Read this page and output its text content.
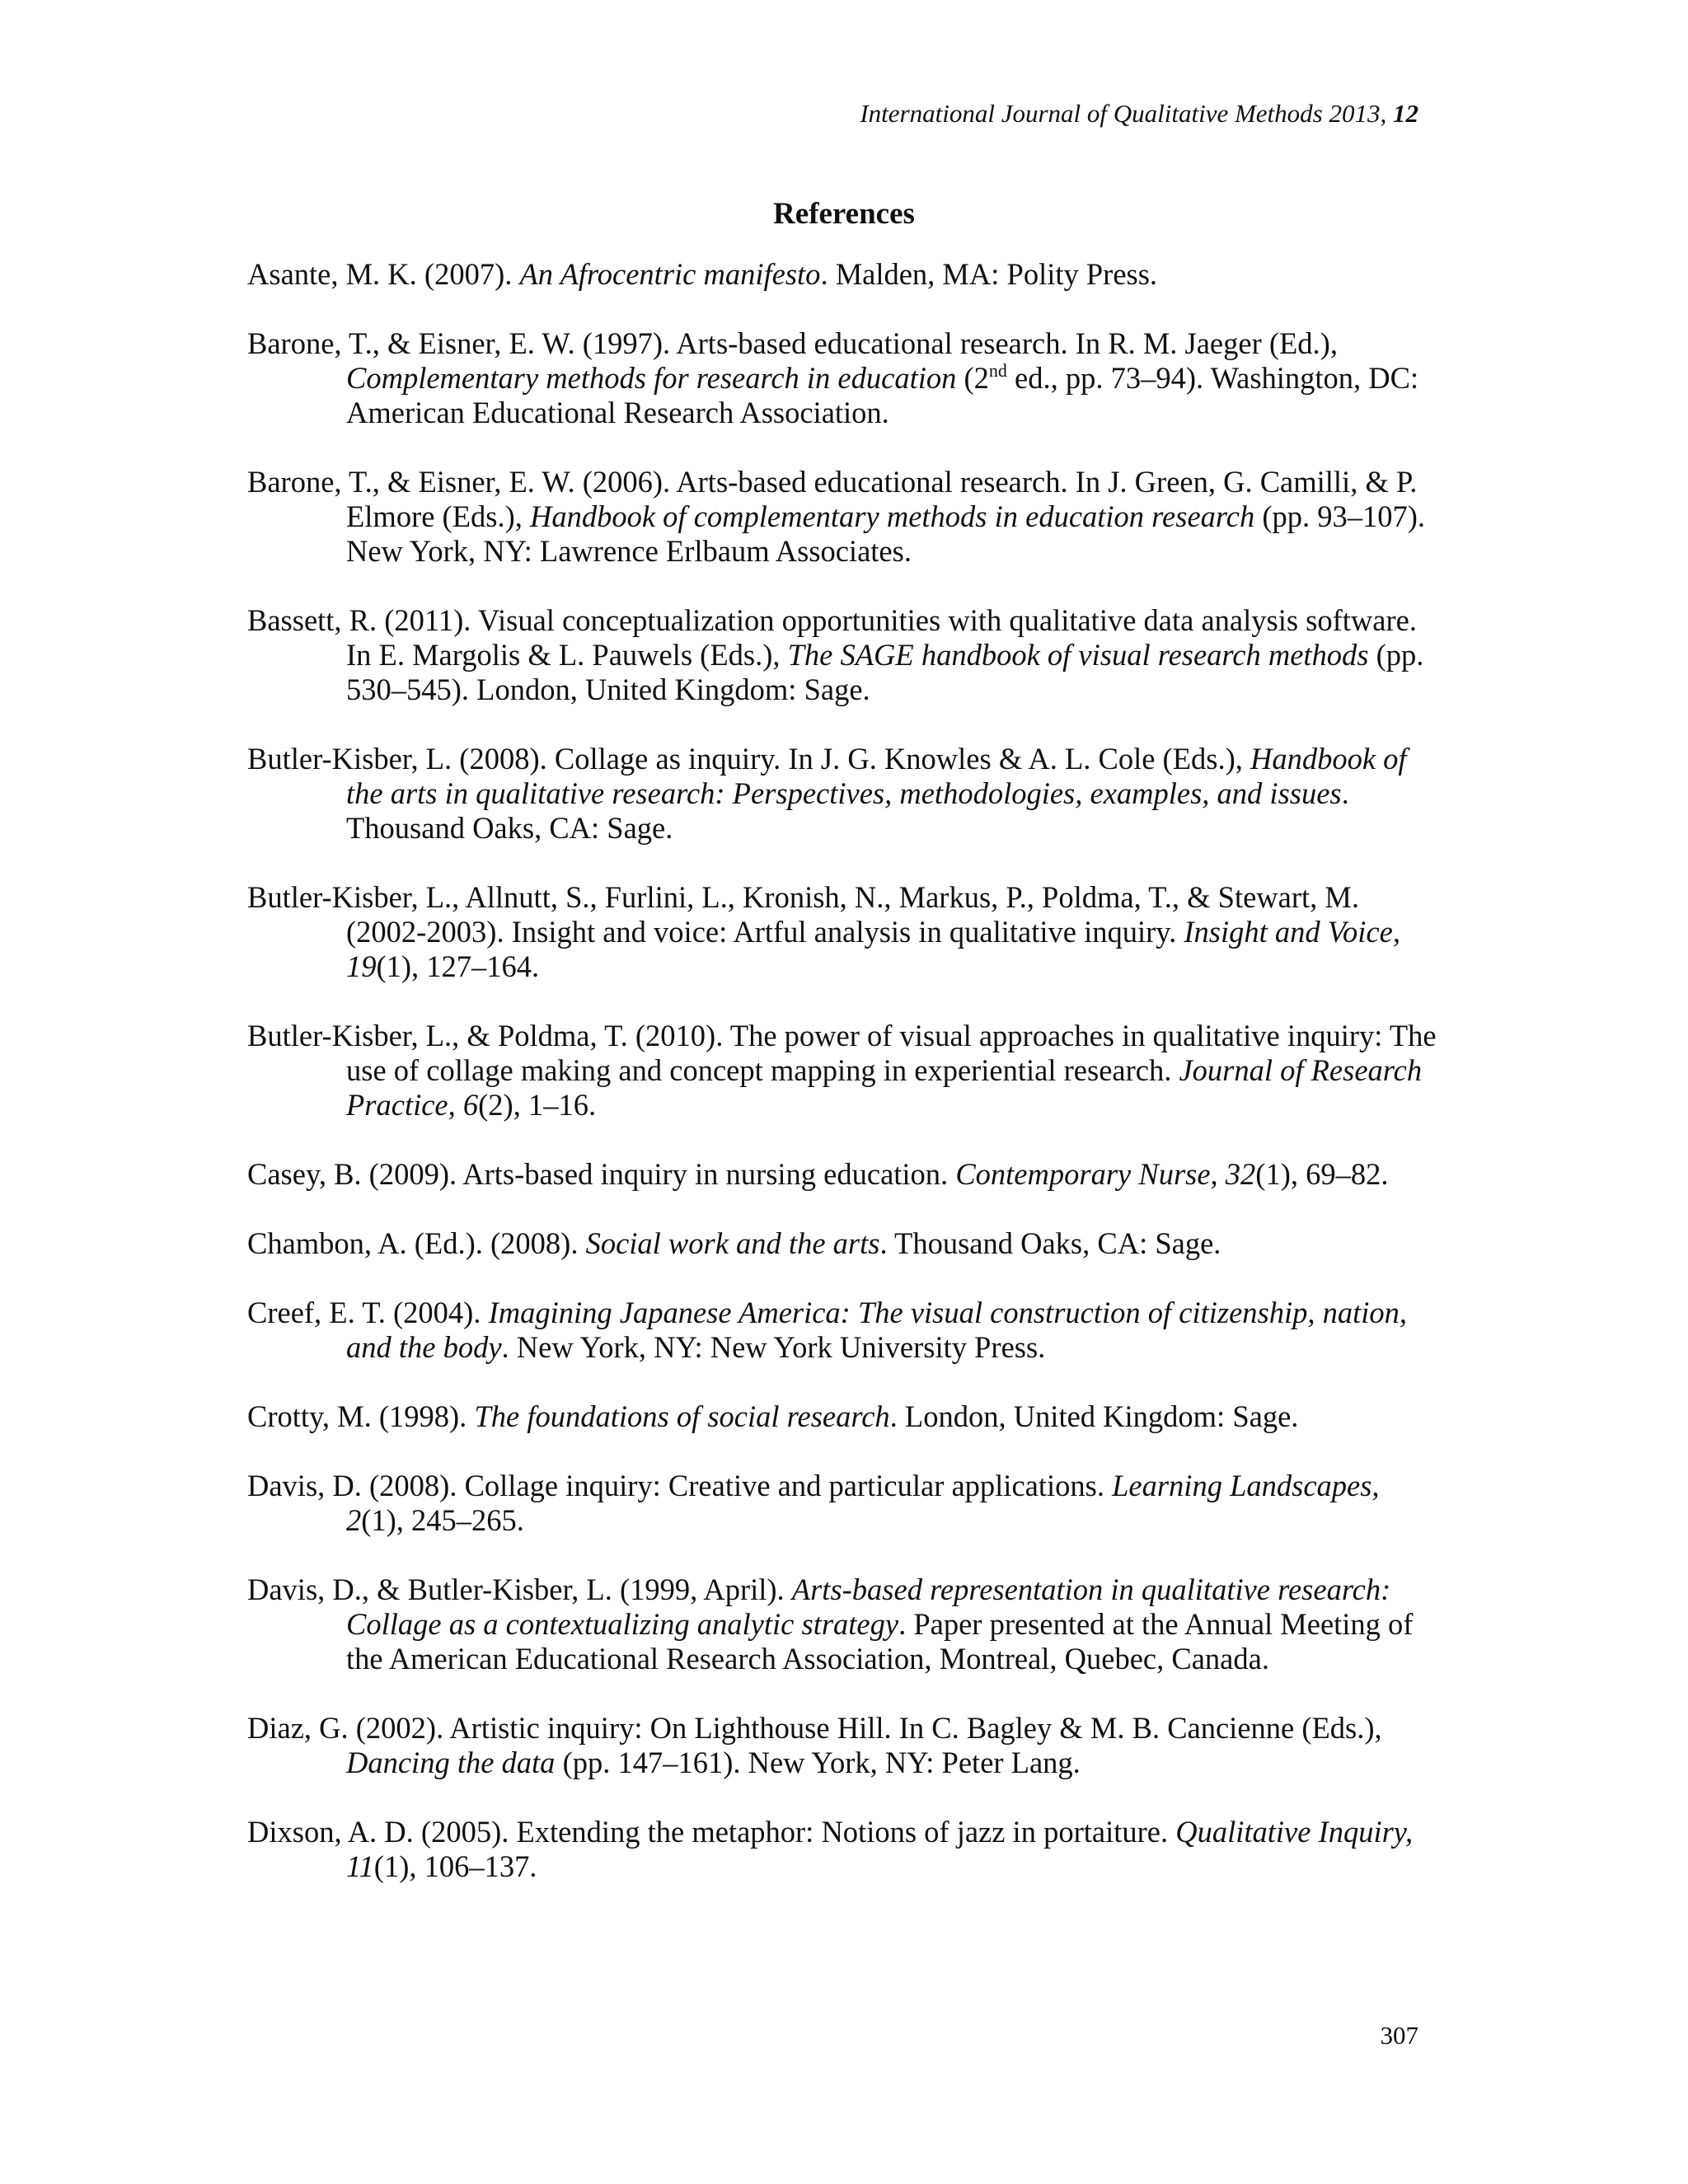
International Journal of Qualitative Methods 2013, 12
References
Asante, M. K. (2007). An Afrocentric manifesto. Malden, MA: Polity Press.
Barone, T., & Eisner, E. W. (1997). Arts-based educational research. In R. M. Jaeger (Ed.), Complementary methods for research in education (2nd ed., pp. 73–94). Washington, DC: American Educational Research Association.
Barone, T., & Eisner, E. W. (2006). Arts-based educational research. In J. Green, G. Camilli, & P. Elmore (Eds.), Handbook of complementary methods in education research (pp. 93–107). New York, NY: Lawrence Erlbaum Associates.
Bassett, R. (2011). Visual conceptualization opportunities with qualitative data analysis software. In E. Margolis & L. Pauwels (Eds.), The SAGE handbook of visual research methods (pp. 530–545). London, United Kingdom: Sage.
Butler-Kisber, L. (2008). Collage as inquiry. In J. G. Knowles & A. L. Cole (Eds.), Handbook of the arts in qualitative research: Perspectives, methodologies, examples, and issues. Thousand Oaks, CA: Sage.
Butler-Kisber, L., Allnutt, S., Furlini, L., Kronish, N., Markus, P., Poldma, T., & Stewart, M. (2002-2003). Insight and voice: Artful analysis in qualitative inquiry. Insight and Voice, 19(1), 127–164.
Butler-Kisber, L., & Poldma, T. (2010). The power of visual approaches in qualitative inquiry: The use of collage making and concept mapping in experiential research. Journal of Research Practice, 6(2), 1–16.
Casey, B. (2009). Arts-based inquiry in nursing education. Contemporary Nurse, 32(1), 69–82.
Chambon, A. (Ed.). (2008). Social work and the arts. Thousand Oaks, CA: Sage.
Creef, E. T. (2004). Imagining Japanese America: The visual construction of citizenship, nation, and the body. New York, NY: New York University Press.
Crotty, M. (1998). The foundations of social research. London, United Kingdom: Sage.
Davis, D. (2008). Collage inquiry: Creative and particular applications. Learning Landscapes, 2(1), 245–265.
Davis, D., & Butler-Kisber, L. (1999, April). Arts-based representation in qualitative research: Collage as a contextualizing analytic strategy. Paper presented at the Annual Meeting of the American Educational Research Association, Montreal, Quebec, Canada.
Diaz, G. (2002). Artistic inquiry: On Lighthouse Hill. In C. Bagley & M. B. Cancienne (Eds.), Dancing the data (pp. 147–161). New York, NY: Peter Lang.
Dixson, A. D. (2005). Extending the metaphor: Notions of jazz in portaiture. Qualitative Inquiry, 11(1), 106–137.
307
